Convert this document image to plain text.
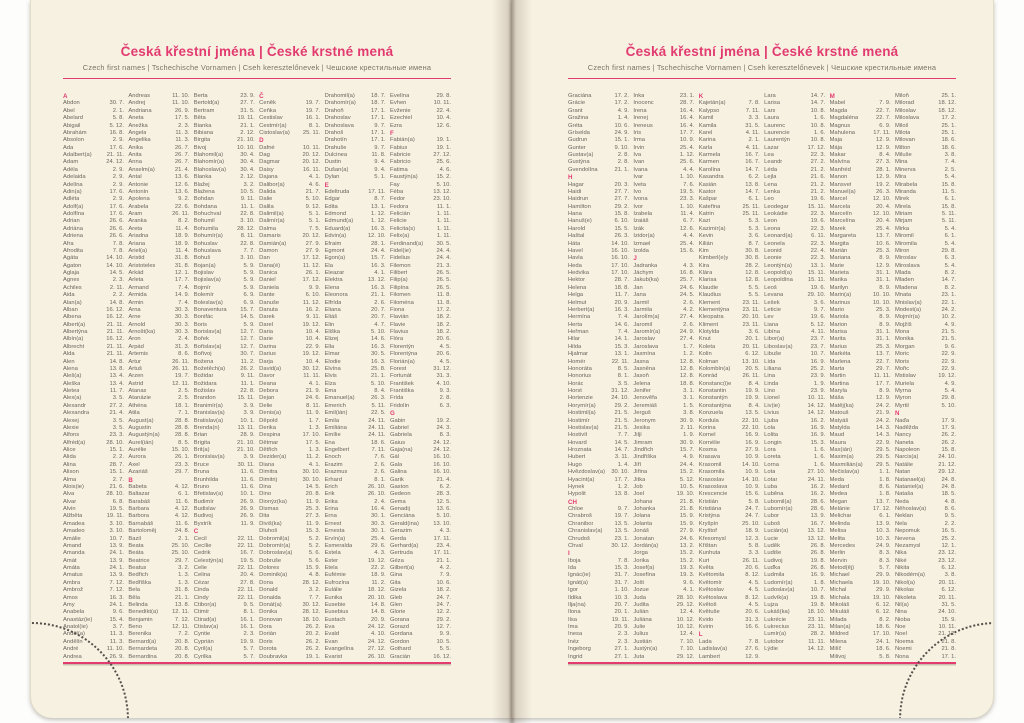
Česká křestní jména | České krstné mená
Czech first names | Tschechische Vornamen | Cseh keresztelőnevek | Чешские крестильные имена
A
Abdon	30. 7.
Ábel	2. 1.
Abelard	5. 8.
Abigail	5. 12.
Abrahám	16. 8.
Absolon	2. 9.
Ada	17. 6.
Adalbert(a)	21. 11.
Adam	24. 12.
Adéla	2. 9.
Adelaida	2. 9.
Adelína	2. 9.
Adin(a)	17. 6.
Adléta	2. 9.
Adolf(a)	17. 6.
Adolfína	17. 6.
Adrian	26. 6.
Adriána	26. 6.
Adriena	26. 6.
Afra	7. 8.
Afrodita	7. 8.
Agáta	14. 10.
Agaton	14. 10.
Aglaja	14. 5.
Agnes	2. 3.
Achiles	2. 11.
Aida	2. 2.
Alan(a)	14. 8.
Alban	16. 12.
Albena	16. 12.
Albert(a)	21. 11.
Albertýna	21. 11.
Albín(a)	16. 12.
Albrecht	21. 11.
Alda	21. 11.
Alen	14. 8.
Alena	13. 8.
Aleš(a)	13. 4.
Aleška	13. 4.
Aletea	11. 7.
Alex(a)	3. 5.
Alexandr	27. 2.
Alexandra	21. 4.
Alexej	3. 5.
Alexie	3. 5.
Alfons	23. 3.
Alfréd(a)	28. 10.
Alice	15. 1.
Alida	2. 2.
Alina	28. 7.
Alison	15. 1.
Alma	2. 7.
Alois(ie)	21. 6.
Alva	28. 10.
Alvar	6. 8.
Alvin	19. 5.
Alžběta	19. 11.
Amadea	3. 10.
Amadeo	3. 10.
Amálie	10. 7.
Amand	13. 9.
Amanda	24. 1.
Amát	13. 9.
Amáta	24. 1.
Amatus	13. 9.
Ambra	7. 12.
Ambrož	7. 12.
Ámos	16. 3.
Amy	24. 1.
Anabela	9. 6.
Anastáz(ie)	15. 4.
Anatol(ie)	3. 7.
Anděl(a)	11. 3.
Andělín	11. 3.
André	11. 10.
Andrea	26. 9.
Andreas	11. 10.
Andrej	11. 10.
Andriana	26. 9.
Aneta	17. 5.
Anežka	2. 3.
Angela	11. 3.
Angelika	11. 3.
Anika	26. 7.
Anita	26. 7.
Anna	26. 7.
Anselm(a)	21. 4.
Antal	13. 6.
Antonie	12. 6.
Antonín	13. 6.
Apolena	9. 2.
Arabela	22. 6.
Aram	26. 11.
Aranka	8. 2.
Areta	11. 4.
Ariadna	18. 9.
Ariana	18. 9.
Ariel(a)	11. 4.
Aristid	31. 8.
Aristoteles	31. 8.
Arkád	12. 1.
Arleta	17. 7.
Armand	7. 4.
Armida	14. 9.
Armin	7. 4.
Arna	30. 3.
Arne	30. 3.
Arnold	30. 3.
Arnošt(ka)	30. 3.
Áron	2. 4.
Árpád	31. 3.
Artemis	8. 6.
Artur	26. 11.
Artuš	26. 11.
Arzen	19. 7.
Astrid	12. 11.
Atanas	2. 5.
Atanázie	2. 5.
Athéna	18. 1.
Atila	7. 1.
August(a)	28. 8.
Augustin	28. 8.
Augustýn(a)	28. 8.
Aurel(ián)	8. 5.
Aurélie	15. 10.
Aurora	26. 1.
Axel	23. 3.
Azariáš	29. 7.
B
Babeta	4. 12.
Baltazar	6. 1.
Barabáš	11. 6.
Barbara	4. 12.
Barbora	4. 12.
Barnabáš	11. 6.
Bartoloměj	24. 8.
Bazil	2. 1.
Beata	25. 10.
Beáta	25. 10.
Beatrice	29. 7.
Beatus	3. 2.
Bedřich	1. 3.
Bedřiška	1. 3.
Bela	31. 8.
Běla	21. 1.
Belinda	13. 8.
Benedikt(a) 12. 11.
Benjamin	7. 12.
Beno	12. 11.
Berenika	7. 2.
Bernard(a)	20. 8.
Bernardeta	20. 8.
Bernardina	20. 8.
Berta	23. 9.
Bertold(a)	27. 7.
Bertram	31. 5.
Běta	19. 11.
Bianka	21. 1.
Bibiana	2. 12.
Birgita	21. 10.
Bivoj	10. 10.
Blahomil(a)	30. 4.
Blahomír(a)	30. 4.
Blahoslav(a) 30. 4.
Blanka	2. 12.
Blažej	3. 2.
Blažena	10. 5.
Bohdan	9. 11.
Bohdana	11. 1.
Bohuchval	22. 8.
Bohumil	3. 10.
Bohumila	28. 12.
Bohumír(a)	8. 11.
Bohuslav	22. 8.
Bohuslava	7. 7.
Bohuš	3. 10.
Bojan(a)	5. 9.
Bojislav	5. 9.
Bojislav(a)	5. 9.
Bojmír	5. 9.
Bolemír	6. 9.
Boleslav(a)	6. 9.
Bonaventura 15. 7.
Bonifác	14. 5.
Boris	5. 9.
Borislav(a)	12. 7.
Bořek	12. 7.
Bořislav(a)	12. 7.
Bořivoj	30. 7.
Božena	11. 2.
Božetěch(a)	26. 2.
Božidar	9. 11.
Božidara	11. 1.
Božislav	22. 8.
Brandon	15. 11.
Branimír(a)	3. 9.
Branislav(a)	3. 9.
Bratislav(a)	10. 1.
Brenda(n)	13. 11.
Brian	28. 9.
Brigita	21. 10.
Brit(a)	21. 10.
Bronislav(a)	3. 9.
Bruce	30. 11.
Bruna	11. 6.
Brunhilda	11. 6.
Bruno	11. 6.
Břetislav(a)	10. 1.
Budimír	26. 9.
Budislav	26. 9.
Budivoj	26. 9.
Bystrík	11. 9.
C
Cecil	22. 11.
Cecílie	22. 11.
Cedrik	16. 7.
Celestýn(a)	19. 5.
Celie	22. 11.
Celina	20. 4.
Cézar	27. 8.
Cinda	22. 11.
Cindy	22. 11.
Ctibor(a)	9. 5.
Ctimír	8. 1.
Ctirad(a)	16. 1.
Ctislav(a)	16. 1.
Cyntie	2. 3.
Cyprián	19. 9.
Cyril(a)	5. 7.
Cyrilka	5. 7.
Č
Čeněk	19. 7.
Čeňka	19. 7.
Čestislav	16. 1.
Čestmír(a)	8. 1.
Čistoslav(a) 25. 11.
D
Dafné	10. 11.
Dag	20. 12.
Dagmar	20. 12.
Daisy	16. 11.
Dajana	4. 1.
Dalibor(a)	4. 6.
Dalida	21. 7.
Dalie	5. 10.
Dalila	9. 12.
Dalimil(a)	5. 1.
Dalimír(a)	5. 1.
Dalma	7. 5.
Damaris	20. 12.
Damián(a)	27. 9.
Damon	27. 9.
Dan	17. 12.
Dana(é)	11. 12.
Danica	26. 1.
Daniel	17. 12.
Daniela	9. 9.
Dante	6. 10.
Danuše	11. 12.
Danuta	16. 2.
Darek	9. 11.
Darel	19. 12.
Daria	10. 4.
Darie	10. 4.
Darina	22. 9.
Darius	19. 12.
Darja	10. 4.
David(a)	30. 12.
Davor	11. 11.
Deana	4. 1.
Debora	21. 9.
Dejan	24. 6.
Delie	8. 11.
Denis(a)	11. 9.
Děpold	1. 7.
Derika	1. 3.
Despina	17. 10.
Dětmar	17. 5.
Dětřich	1. 3.
Dezider(a)	11. 2.
Diana	4. 1.
Dimitra	30. 10.
Dimitrij	30. 10.
Dina	14. 5.
Dino	20. 8.
Dionýz(ka)	11. 9.
Dismas	25. 3.
Dita	27. 3.
Diviš(ka)	11. 9.
Dluhoš	15. 3.
Dobromil(a)	5. 2.
Dobromír(a)	5. 2.
Dobroslav(a)	5. 6.
Dobruše	5. 6.
Dolores	15. 9.
Dominik(a)	4. 8.
Dona	28. 12.
Donald	3. 2.
Donalda	7. 7.
Donát(a)	30. 12.
Donika	28. 12.
Donovan	18. 10.
Dora	26. 2.
Dorián	20. 2.
Doris	26. 2.
Dorota	26. 2.
Doubravka	19. 1.
Drahomil(a)	18. 7.
Drahomír(a)	18. 7.
Drahoň	17. 1.
Drahoslav	17. 1.
Drahoslava	9. 7.
Drahoš	17. 1.
Drahotín	17. 1.
Drahuše	9. 7.
Dulcinea	11. 8.
Dustin	9. 4.
Dušan(a)	9. 4.
Dylan	5. 1.
E
Edeltruda	17. 11.
Edgar	8. 7.
Edita	13. 1.
Edmond	1. 12.
Edmund(a)	1. 12.
Eduard(a)	16. 3.
Edvin(a)	12. 10.
Efraim	28. 1.
Egmont	24. 4.
Egon(a)	15. 7.
Ela	16. 3.
Eleazar	4. 1.
Elektra	13. 12.
Elena	16. 3.
Eleonora	21. 1.
Elfrída	2. 6.
Eliana	20. 7.
Eliáš	20. 7.
Elin	4. 7.
Eliška	5. 10.
Elizej	14. 6.
Ella	16. 3.
Elmar	30. 5.
Elodie	16. 3.
Elvína	25. 8.
Elvis	21. 1.
Elza	5. 10.
Ema	8. 4.
Emanuel(a)	26. 3.
Emerich	5. 11.
Emil(ián)	22. 5.
Emila	24. 11.
Emiliána	24. 11.
Emílie	24. 11.
Ena	18. 6.
Engelbert	7. 11.
Enoch	7. 6.
Erazim	2. 6.
Erazmus	2. 6.
Erhard	8. 1.
Erich	26. 10.
Erik	26. 10.
Erika	2. 4.
Erina	16. 4.
Erna	30. 1.
Ernest	30. 3.
Ernesta	30. 1.
Ervín(a)	25. 4.
Esmeralda	29. 6.
Estela	4. 3.
Ester	19. 12.
Etela	22. 2.
Eufémie	18. 9.
Eufrozína	11. 2.
Eulálie	18. 12.
Eunika	20. 10.
Eusebie	14. 8.
Eusebius	14. 8.
Eustach	20. 9.
Eva	24. 12.
Evald	4. 10.
Evan	24. 12.
Evangelína 27. 12.
Evarist	26. 10.
Evelína	29. 8.
Evhen	10. 11.
Evženie	22. 4.
Ezechiel	10. 4.
Ezra	12. 6.
F
Fabián(a)	19. 1.
Fabius	19. 1.
Fabricie	27. 12.
Fabricio	25. 6.
Fatima	4. 6.
Faustýn(a)	15. 2.
Fay	5. 10.
Féba	13. 12.
Fedor	23. 10.
Fedora	11. 1.
Felicián	1. 11.
Felicie	1. 11.
Felicita(s)	1. 11.
Felix(a)	1. 11.
Ferdinand(a) 30. 5.
Fidel(ie)	24. 4.
Fidelius	24. 4.
Filemon	21. 3.
Filibert	26. 5.
Filip(a)	26. 5.
Filipína	26. 5.
Filomen	11. 8.
Filoména	11. 8.
Fiona	17. 2.
Flavián	18. 2.
Flavie	18. 2.
Flavius	18. 2.
Flóra	20. 6.
Florentýn	4. 5.
Florentýna	20. 6.
Florián(a)	4. 5.
Forest	31. 12.
Fortunát	31. 3.
František	4. 10.
Františka	9. 3.
Frída	2. 8.
Fridolín	6. 3.
G
Gabin	19. 2.
Gabriel	24. 3.
Gabriela	8. 3.
Gaius	24. 12.
Gaja(na)	24. 12.
Gál	16. 10.
Gala	16. 10.
Galina	16. 10.
Garik	21. 4.
Gaston	6. 2.
Gedeon	28. 3.
Gema	12. 5.
Genadij	13. 6.
Genciána	5. 10.
Gerald(ina) 13. 10.
Gerazim	4. 3.
Gerda	17. 11.
Gerhard(a)	23. 4.
Gertruda	17. 11.
Géza	21. 1.
Gilbert(a)	4. 2.
Gina	7. 9.
Gita	10. 6.
Gizela	18. 2.
Gleb	24. 7.
Glen	24. 7.
Glorie	12. 2.
Gorana	29. 2.
Gorazd	12. 7.
Gordana	9. 9.
Gordon	10. 5.
Gothard	5. 5.
Gracián	16. 12.
Česká křestní jména | České krstné mená
Czech first names | Tschechische Vornamen | Cseh keresztelőnevek | Чешские крестильные имена
Graciána	17. 2.
Grácie	17. 2.
Grant	4. 9.
Gražina	1. 4.
Gréta	10. 6.
Gríselda	24. 9.
Gudrun	15. 1.
Gunter	9. 10.
Gustav(a)	2. 8.
Gustýna	2. 8.
Gvendolína	21. 1.
H
Hagar	20. 3.
Haidi	27. 7.
Haidrun	27. 7.
Hamilton	29. 2.
Hana	15. 8.
Hanuš(e)	6. 10.
Harold	15. 5.
Haštal	26. 3.
Háta	14. 10.
Havel	16. 10.
Havla	16. 10.
Heda	17. 10.
Hedvika	17. 10.
Hektor	28. 7.
Helena	18. 8.
Helga	11. 7.
Helmut	20. 9.
Herbert(a)	16. 3.
Hermína	7. 4.
Herta	14. 6.
Heřman	7. 4.
Hilar	14. 1.
Hilda	15. 3.
Hjalmar	13. 1.
Homér	22. 11.
Honoráta	8. 5.
Honorius	8. 1.
Horác	3. 5.
Horst	31. 12.
Hortenzie	24. 10.
Horymír(a)	29. 2.
Hostimil(a)	21. 5.
Hostimír	21. 5.
Hostislav(a)	21. 5.
Hostivít	7. 7.
Hovard	14. 5.
Hroznata	14. 7.
Hubert	3. 11.
Hugo	1. 4.
Hvězdoslav(a) 30. 10.
Hyacint(a)	17. 7.
Hynek	1. 2.
Hypolit	13. 8.
CH
Chloe	9. 7.
Chrabroš	19. 7.
Chranibor	13. 5.
Chranislav(a) 13. 5.
Chrudoš	23. 1.
Chval	30. 12.
I
Iboja	7. 8.
Ida	15. 3.
Ignác(ie)	31. 7.
Ignát(a)	31. 7.
Igor	1. 10.
Ildika	10. 3.
Ilja(na)	20. 7.
Ilona	20. 1.
Ilsa	19. 11.
Ima	20. 9.
Inesa	2. 3.
Inéz	2. 3.
Ingeborg	27. 1.
Ingrid	27. 1.
Inka	23. 1.
Inocenc	28. 7.
Irena	16. 4.
Irenej	16. 4.
Ireneus	16. 4.
Iris	17. 7.
Irma	10. 9.
Irvin	25. 4.
Iva	1. 12.
Ivan	25. 6.
Ivana	4. 4.
Ivar	1. 10.
Iveta	7. 6.
Ivo	19. 5.
Ivona	23. 3.
Ivor	1. 10.
Izabela	11. 4.
Izaiáš	6. 7.
Izák	12. 6.
Izidor(a)	4. 4.
Izmael	25. 4.
Izolda	15. 6.
J
Jadranka	4. 3.
Jáchym	16. 8.
Jakub(ka)	25. 7.
Jan	24. 6.
Jana	24. 5.
Jarmil	2. 6.
Jarmila	4. 2.
Jarolím(a)	27. 4.
Jaromil	2. 6.
Jaromír(a)	24. 9.
Jaroslav	27. 4.
Jaroslava	1. 7.
Jasmína	1. 2.
Jasna	12. 8.
Jasněna	12. 8.
Jasoň	12. 8.
Jelena	18. 8.
Jenifer	3. 1.
Jenověfa	3. 1.
Jeremiáš	1. 5.
Jerguš	3. 8.
Jeronym	30. 9.
Jesika	2. 11.
Jiljí	1. 9.
Jimram	30. 9.
Jindřich	15. 7.
Jindřiška	4. 9.
Jiří	24. 4.
Jiřina	15. 2.
Jitka	5. 12.
Job	10. 5.
Joel	19. 10.
Johana	21. 8.
Johanka	21. 8.
Jolana	15. 9.
Jolanta	15. 9.
Jonáš	27. 9.
Jonatan	24. 6.
Jordán(a)	13. 2.
Jorga	15. 2.
Jorika	15. 2.
Josef(a)	19. 3.
Josefína	19. 3.
Jošt	9. 6.
Jozue	4. 1.
Juda	28. 10.
Judita	29. 12.
Julián	12. 4.
Juliána	10. 12.
Julie	10. 12.
Julius	12. 4.
Justián	7. 10.
Justýn(a)	7. 10.
Juta	29. 12.
K
Kajetán(a)	7. 8.
Kalypso	7. 11.
Kamil	3. 3.
Kamila	31. 5.
Karel	4. 11.
Karina	2. 1.
Karla	4. 11.
Karmela	16. 7.
Karmen	16. 7.
Karolína	14. 7.
Kasandra	6. 2.
Kasián	13. 8.
Kastor	14. 7.
Kašpar	6. 1.
Kateřina	25. 11.
Katrin	25. 11.
Kazi	5. 3.
Kazimír(a)	5. 3.
Kevin	3. 6.
Kilián	8. 7.
Kim	30. 8.
Kimberl(e)y	30. 8.
Kira	28. 2.
Klára	12. 8.
Klarisa	12. 8.
Klaudie	5. 5.
Klaudius	5. 5.
Klement	23. 11.
Klementýna 23. 11.
Kleopatra	20. 10.
Kliment	23. 11.
Klotylda	3. 6.
Knut	20. 1.
Koleta	20. 11.
Kolin	6. 12.
Kolman	13. 10.
Kolombín(a)	20. 5.
Konrád	26. 11.
Konstanc(i)e	8. 4.
Konstantin	19. 9.
Konstantýn	19. 9.
Konstantýna	8. 4.
Konzuela	13. 5.
Kordula	22. 10.
Korina	22. 10.
Kornel	16. 9.
Kornélie	16. 9.
Kosma	27. 9.
Krasava	10. 9.
Krasomil	14. 10.
Krasomila	10. 9.
Krasoslav	14. 10.
Krasoslava	10. 9.
Krescencie	15. 6.
Kristián	5. 8.
Kristiána	24. 7.
Kristýna	24. 7.
Kryšpín	25. 10.
Kryštof	18. 9.
Křesomysl	12. 3.
Křištan	5. 8.
Kunhuta	3. 3.
Kurt	26. 11.
Květa	20. 6.
Květomila	8. 12.
Květomír	4. 5.
Květoslav	4. 5.
Květoslava	8. 12.
Květoš	4. 5.
Květuše	20. 6.
Kvido	31. 3.
Kvirin	16. 6.
L
Lada	7. 8.
Ladislav(a)	27. 6.
Lambert	12. 9.
Lara	14. 7.
Larisa	14. 7.
Lars	10. 8.
Laura	1. 6.
Laurenc	10. 8.
Laurencie	1. 6.
Laurentýn	10. 8.
Lazar	17. 12.
Lea	22. 3.
Leandr	27. 2.
Léda	21. 2.
Lejla	21. 6.
Lena	21. 2.
Lenka	21. 2.
Leo	19. 6.
Leodegar	15. 11.
Leokádie	22. 3.
Leon	19. 6.
Leona	22. 3.
Leonard(a)	6. 11.
Leonela	22. 3.
Leonid	22. 4.
Leonie	22. 3.
Leontýn(a)	13. 1.
Leopold(a)	15. 11.
Leopoldína	15. 11.
Leoš	19. 6.
Levana	29. 10.
Lešek	3. 6.
Leticie	9. 7.
Lev	19. 6.
Liana	5. 12.
Libína	4. 11.
Libor(a)	23. 7.
Liboslav(a)	23. 7.
Libuše	10. 7.
Lída	16. 9.
Liliana	25. 2.
Lina	23. 9.
Linda	1. 9.
Lino	23. 9.
Lionel	10. 11.
Liv(ie)	14. 12.
Livius	14. 12.
Ljuba	16. 2.
Lola	16. 9.
Lolita	16. 9.
Longin	15. 3.
Lora	1. 6.
Loreta	1. 6.
Lorna	1. 6.
Lota	27. 10.
Lotar	24. 11.
Luba	16. 2.
Luběna	16. 2.
Lubomil(a)	28. 6.
Lubomír(a)	28. 6.
Lubor	13. 9.
Luboš	16. 7.
Lucián(a)	13. 12.
Lucie	13. 12.
Luděk	26. 8.
Ludiše	26. 8.
Ludivoj	19. 8.
Luďka	26. 8.
Ludmila	16. 9.
Ludomír(a)	1. 8.
Ludoslav(a)	10. 7.
Ludvík(a)	19. 8.
Lujza	19. 8.
Lukáš(ka)	18. 10.
Lukrécie	23. 11.
Lukrecius	23. 11.
Lumír(a)	28. 2.
Lutobor	11. 11.
Lýdie	14. 12.
M
Mabel	7. 9.
Magda	22. 7.
Magdaléna	22. 7.
Magnus	6. 9.
Mahulena	17. 11.
Maja	12. 9.
Mája	12. 9.
Makar	8. 4.
Malvína	27. 3.
Manfréd	28. 1.
Manon	12. 9.
Mansvet	19. 2.
Manuel(a)	26. 3.
Marcel	12. 10.
Marcela	20. 4.
Marcelín	12. 10.
Marcelína	20. 4.
Marek	25. 4.
Margareta	13. 7.
Margita	10. 6.
Marián	25. 3.
Mariana	8. 9.
Marie	12. 9.
Marieta	31. 1.
Marika	31. 1.
Marilyn	8. 9.
Marin(a)	10. 10.
Marinus	10. 10.
Mario	25. 3.
Mariola	8. 9.
Marion	8. 9.
Marisa	31. 1.
Marita	31. 1.
Marius	25. 3.
Markéta	13. 7.
Marlena	22. 7.
Marta	29. 7.
Martin	11. 11.
Martina	17. 7.
Maryla	8. 9.
Máša	12. 9.
Matěj(ka)	24. 2.
Matouš	21. 9.
Matyáš	24. 2.
Matylda	14. 3.
Maud	14. 3.
Maura	22. 9.
Max(ián)	29. 5.
Maxim(a)	29. 5.
Maxmilián(a) 29. 5.
Mečislav(a)	1. 1.
Meda	1. 8.
Medard	8. 6.
Medea	1. 8.
Megan	13. 7.
Melánie	17. 12.
Melichar	6. 1.
Melinda	13. 9.
Melisa	10. 3.
Melita	10. 3.
Mercedes	24. 9.
Merlin	8. 3.
Mervin	8. 3.
Metod(ěj)	5. 7.
Michael	29. 9.
Michaela	19. 10.
Michal	29. 9.
Michala	19. 10.
Mikoláš	6. 12.
Mikuláš	6. 12.
Milada	8. 2.
Milan(a)	18. 6.
Mildred	17. 10.
Milena	24. 1.
Milíč	18. 6.
Milivoj	5. 8.
Miloň	25. 1.
Milorad	18. 12.
Miloslav	18. 12.
Miloslava	17. 2.
Miloš	25. 1.
Milota	25. 1.
Milovan	18. 6.
Milton	18. 6.
Miluše	3. 8.
Mina	7. 4.
Minerva	2. 5.
Mira	5. 4.
Mirabela	15. 8.
Miranda	11. 5.
Mirek	6. 1.
Mirela	15. 8.
Miriam	5. 11.
Mirjam	5. 11.
Mirka	5. 4.
Miromil	6. 1.
Miromila	5. 4.
Miron	29. 8.
Miroslav	6. 3.
Miroslava	5. 4.
Mlada	8. 2.
Mladen	14. 7.
Mladena	8. 2.
Mnata	23. 1.
Mnislav(a)	22. 1.
Modest(a)	24. 2.
Mojmír(a)	10. 2.
Mojžíš	4. 9.
Mona	21. 5.
Monika	21. 5.
Morgan	9. 6.
Moric	22. 9.
Moris	22. 9.
Mořic	22. 9.
Mstislav	19. 12.
Muriela	4. 9.
Myrna	5. 4.
Myron	29. 8.
Myrtil	5. 10.
N
Naďa	17. 9.
Naděžda	17. 9.
Nancy	26. 2.
Naneta	26. 2.
Napoleon	15. 8.
Narcis(a)	24. 10.
Natálie	21. 12.
Natan	29. 12.
Natanael(a)	24. 8.
Nataniel(a)	24. 8.
Nataša	18. 5.
Neda	4. 8.
Něhoslav(a)	8. 6.
Neklan	9. 5.
Nela	2. 2.
Nepomuk	16. 5.
Nevena	25. 2.
Nezamysl	12. 1.
Nika	23. 12.
Niké	23. 12.
Nikita	6. 12.
Nikodém(a)	3. 8.
Nikol(a)	20. 11.
Nikolas	6. 12.
Nikoleta	20. 11.
Nil(a)	31. 5.
Nina	24. 10.
Nioba	15. 9.
Noe	10. 11.
Noel	21. 12.
Noema	21. 8.
Noemi	21. 8.
Nona	17. 1.
